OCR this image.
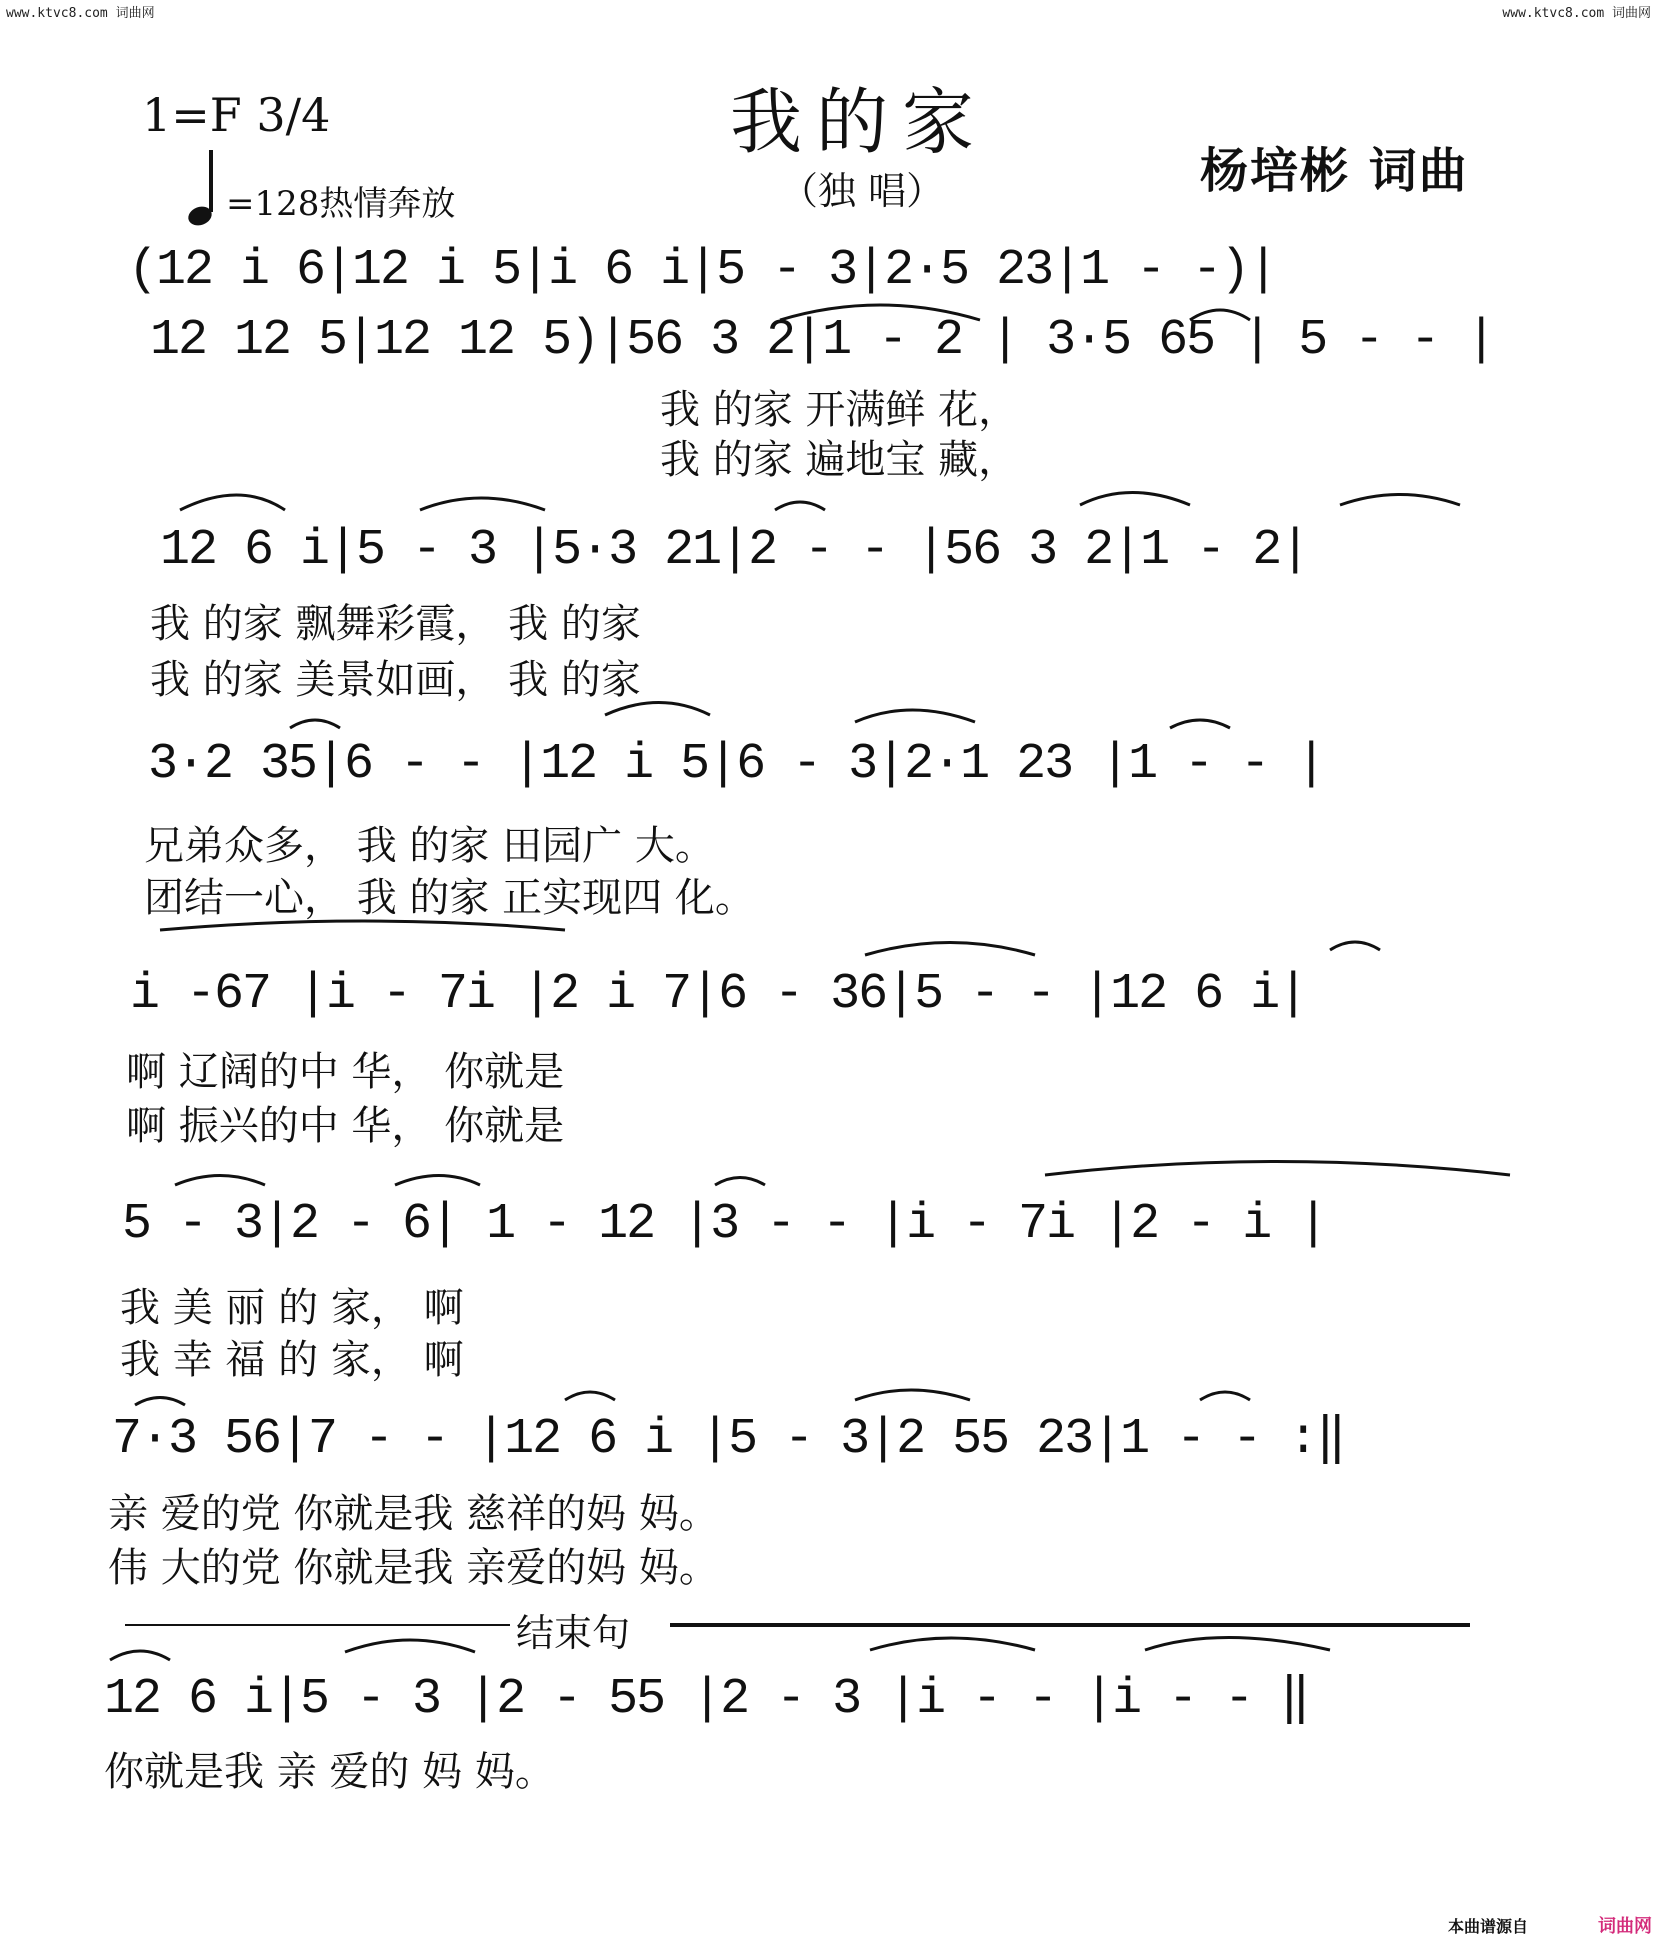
www.ktvc8.com 词曲网	www.ktvc8.com 词曲网
1=F 3/4	我的家
（独 唱）	杨培彬 词曲
=128热情奔放
(12 i 6|12 i 5|i 6 i|5 - 3|2·5 23|1 - -)|
12 12 5|12 12 5)|56 3 2|1 - 2 | 3·5 65 | 5 - - |
我 的家 开满鲜 花，
我 的家 遍地宝 藏，
12 6 i|5 - 3 |5·3 21|2 - - |56 3 2|1 - 2|
我 的家 飘舞彩霞， 我 的家
我 的家 美景如画， 我 的家
3·2 35|6 - - |12 i 5|6 - 3|2·1 23 |1 - - |
兄弟众多， 我 的家 田园广 大。
团结一心， 我 的家 正实现四 化。
i -67 |i - 7i |2 i 7|6 - 36|5 - - |12 6 i|
啊 辽阔的中 华， 你就是
啊 振兴的中 华， 你就是
5 - 3|2 - 6| 1 - 12 |3 - - |i - 7i |2 - i |
我 美 丽 的 家， 啊
我 幸 福 的 家， 啊
7·3 56|7 - - |12 6 i |5 - 3|2 55 23|1 - - :‖
亲 爱的党 你就是我 慈祥的妈 妈。
伟 大的党 你就是我 亲爱的妈 妈。
结束句
12 6 i|5 - 3 |2 - 55 |2 - 3 |i - - |i - - ‖
你就是我 亲 爱的 妈 妈。
本曲谱源自	词曲网
